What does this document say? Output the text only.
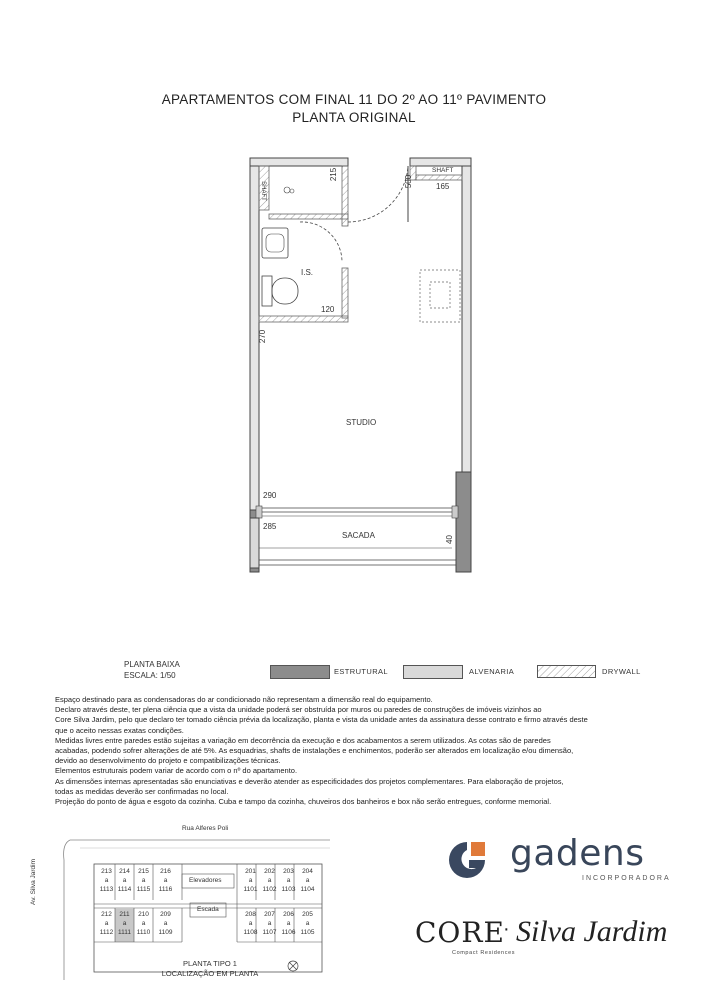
APARTAMENTOS COM FINAL 11 DO 2º AO 11º PAVIMENTO
PLANTA ORIGINAL
215
500	165
120
270
290
285
40
SHAFT
SHAFT
I.S.
STUDIO
SACADA
PLANTA BAIXA
ESCALA: 1/50	ESTRUTURAL	ALVENARIA	DRYWALL

Espaço destinado para as condensadoras do ar condicionado não representam a dimensão real do equipamento.

Declaro através deste, ter plena ciência que a vista da unidade poderá ser obstruída por muros ou paredes de construções de imóveis vizinhos ao

Core Silva Jardim, pelo que declaro ter tomado ciência prévia da localização, planta e vista da unidade antes da assinatura desse contrato e firmo através deste

que o aceito nessas exatas condições.

Medidas livres entre paredes estão sujeitas a variação em decorrência da execução e dos acabamentos a serem utilizados. As cotas são de paredes

acabadas, podendo sofrer alterações de até 5%. As esquadrias, shafts de instalações e enchimentos, poderão ser alterados em localização e/ou dimensão,

devido ao desenvolvimento do projeto e compatibilizações técnicas.

Elementos estruturais podem variar de acordo com o nº do apartamento.

As dimensões internas apresentadas são enunciativas e deverão atender as especificidades dos projetos complementares. Para elaboração de projetos,

todas as medidas deverão ser confirmadas no local.

Projeção do ponto de água e esgoto da cozinha. Cuba e tampo da cozinha, chuveiros dos banheiros e box não serão entregues, conforme memorial.

Rua Alferes Poli
Av. Silva Jardim	Elevadores
Escada
213
a
1113
214
a
1114
215
a
1115
216
a
1116
201
a
1101
202
a
1102
203
a
1103
204
a
1104
212
a
1112
211
a
1111
210
a
1110
209
a
1109
208
a
1108
207
a
1107
206
a
1106
205
a
1105
PLANTA TIPO 1
LOCALIZAÇÃO EM PLANTA
gadens
INCORPORADORA
CORE
· Silva Jardim
Compact Residences
